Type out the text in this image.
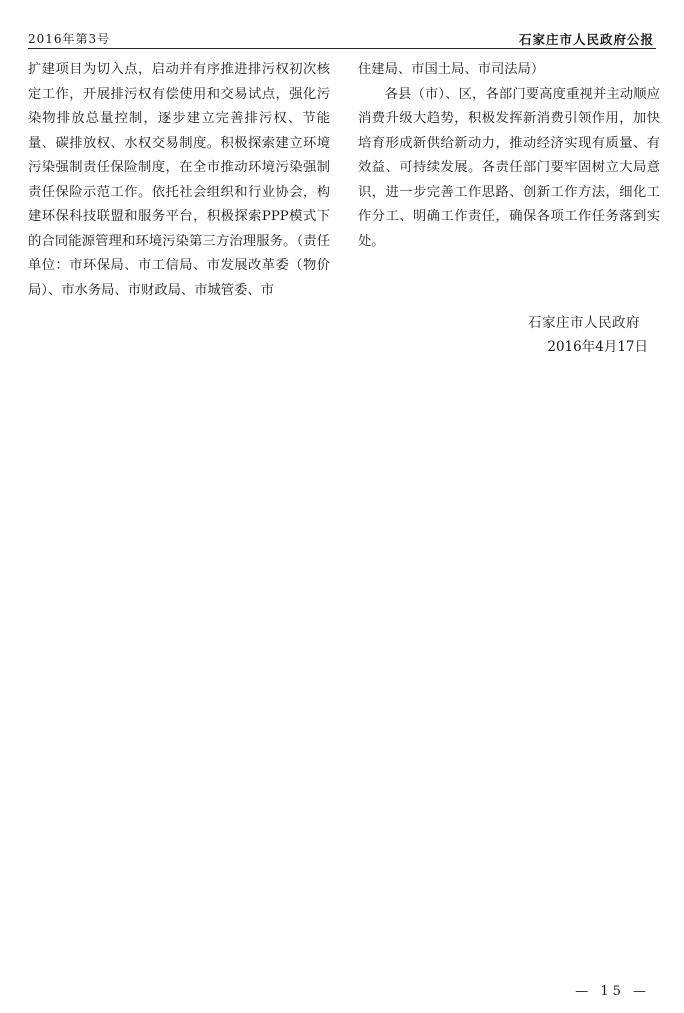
2016年第3号	石家庄市人民政府公报

扩建项目为切入点，启动并有序推进排污权初次核定工作，开展排污权有偿使用和交易试点，强化污染物排放总量控制，逐步建立完善排污权、节能量、碳排放权、水权交易制度。积极探索建立环境污染强制责任保险制度，在全市推动环境污染强制责任保险示范工作。依托社会组织和行业协会，构建环保科技联盟和服务平台，积极探索PPP模式下的合同能源管理和环境污染第三方治理服务。（责任单位：市环保局、市工信局、市发展改革委（物价局）、市水务局、市财政局、市城管委、市

住建局、市国土局、市司法局）

各县（市）、区，各部门要高度重视并主动顺应消费升级大趋势，积极发挥新消费引领作用，加快培育形成新供给新动力，推动经济实现有质量、有效益、可持续发展。各责任部门要牢固树立大局意识，进一步完善工作思路、创新工作方法，细化工作分工、明确工作责任，确保各项工作任务落到实处。

石家庄市人民政府
2016年4月17日
— 15 —
